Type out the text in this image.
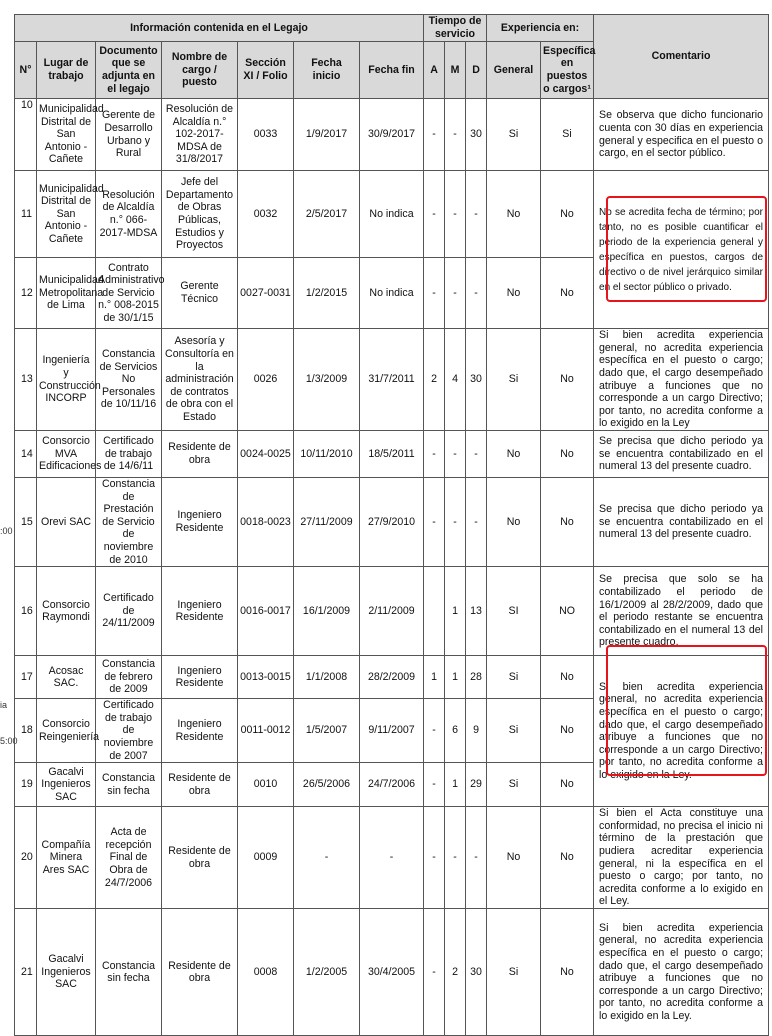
:00
ia
5:00
Información contenida en el Legajo							Tiempo de servicio			Experiencia en:		Comentario
N°	Lugar de trabajo	Documento que se adjunta en el legajo	Nombre de cargo / puesto	Sección XI / Folio	Fecha inicio	Fecha fin	A	M	D	General	Específica en puestos o cargos¹	
10	Municipalidad Distrital de San Antonio - Cañete	Gerente de Desarrollo Urbano y Rural	Resolución de Alcaldía n.° 102-2017-MDSA de 31/8/2017	0033	1/9/2017	30/9/2017	-	-	30	Si	Si	Se observa que dicho funcionario cuenta con 30 días en experiencia general y especifica en el puesto o cargo, en el sector público.
11	Municipalidad Distrital de San Antonio - Cañete	Resolución de Alcaldía n.° 066-2017-MDSA	Jefe del Departamento de Obras Públicas, Estudios y Proyectos	0032	2/5/2017	No indica	-	-	-	No	No	No se acredita fecha de término; por tanto, no es posible cuantificar el periodo de la experiencia general y específica en puestos, cargos de directivo o de nivel jerárquico similar en el sector público o privado.
12	Municipalidad Metropolitana de Lima	Contrato Administrativo de Servicio n.° 008-2015 de 30/1/15	Gerente Técnico	0027-0031	1/2/2015	No indica	-	-	-	No	No	
13	Ingeniería y Construcción INCORP	Constancia de Servicios No Personales de 10/11/16	Asesoría y Consultoría en la administración de contratos de obra con el Estado	0026	1/3/2009	31/7/2011	2	4	30	Si	No	Si bien acredita experiencia general, no acredita experiencia específica en el puesto o cargo; dado que, el cargo desempeñado atribuye a funciones que no corresponde a un cargo Directivo; por tanto, no acredita conforme a lo exigido en la Ley
14	Consorcio MVA Edificaciones	Certificado de trabajo de 14/6/11	Residente de obra	0024-0025	10/11/2010	18/5/2011	-	-	-	No	No	Se precisa que dicho periodo ya se encuentra contabilizado en el numeral 13 del presente cuadro.
15	Orevi SAC	Constancia de Prestación de Servicio de noviembre de 2010	Ingeniero Residente	0018-0023	27/11/2009	27/9/2010	-	-	-	No	No	Se precisa que dicho periodo ya se encuentra contabilizado en el numeral 13 del presente cuadro.
16	Consorcio Raymondi	Certificado de 24/11/2009	Ingeniero Residente	0016-0017	16/1/2009	2/11/2009		1	13	SI	NO	Se precisa que solo se ha contabilizado el periodo de 16/1/2009 al 28/2/2009, dado que el periodo restante se encuentra contabilizado en el numeral 13 del presente cuadro.
17	Acosac SAC.	Constancia de febrero de 2009	Ingeniero Residente	0013-0015	1/1/2008	28/2/2009	1	1	28	Si	No	Si bien acredita experiencia general, no acredita experiencia específica en el puesto o cargo; dado que, el cargo desempeñado atribuye a funciones que no corresponde a un cargo Directivo; por tanto, no acredita conforme a lo exigido en la Ley.
18	Consorcio Reingeniería	Certificado de trabajo de noviembre de 2007	Ingeniero Residente	0011-0012	1/5/2007	9/11/2007	-	6	9	Si	No	
19	Gacalvi Ingenieros SAC	Constancia sin fecha	Residente de obra	0010	26/5/2006	24/7/2006	-	1	29	Si	No	
20	Compañía Minera Ares SAC	Acta de recepción Final de Obra de 24/7/2006	Residente de obra	0009	-	-	-	-	-	No	No	Si bien el Acta constituye una conformidad, no precisa el inicio ni término de la prestación que pudiera acreditar experiencia general, ni la específica en el puesto o cargo; por tanto, no acredita conforme a lo exigido en el Ley.
21	Gacalvi Ingenieros SAC	Constancia sin fecha	Residente de obra	0008	1/2/2005	30/4/2005	-	2	30	Si	No	Si bien acredita experiencia general, no acredita experiencia específica en el puesto o cargo; dado que, el cargo desempeñado atribuye a funciones que no corresponde a un cargo Directivo; por tanto, no acredita conforme a lo exigido en la Ley.
